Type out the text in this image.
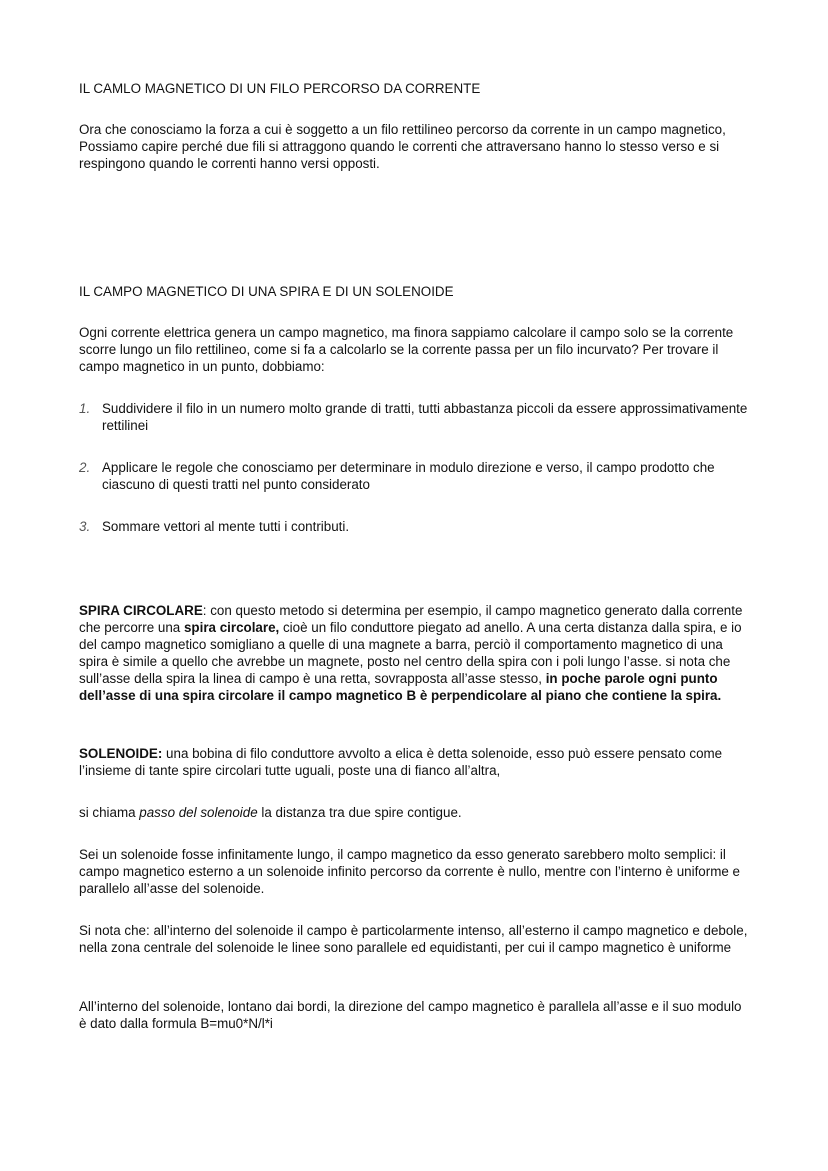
IL CAMLO MAGNETICO DI UN FILO PERCORSO DA CORRENTE

Ora che conosciamo la forza a cui è soggetto a un filo rettilineo percorso da corrente in un campo magnetico, Possiamo capire perché due fili si attraggono quando le correnti che attraversano hanno lo stesso verso e si respingono quando le correnti hanno versi opposti.

IL CAMPO MAGNETICO DI UNA SPIRA E DI UN SOLENOIDE

Ogni corrente elettrica genera un campo magnetico, ma finora sappiamo calcolare il campo solo se la corrente scorre lungo un filo rettilineo, come si fa a calcolarlo se la corrente passa per un filo incurvato? Per trovare il campo magnetico in un punto, dobbiamo:

1. Suddividere il filo in un numero molto grande di tratti, tutti abbastanza piccoli da essere approssimativamente rettilinei
2. Applicare le regole che conosciamo per determinare in modulo direzione e verso, il campo prodotto che ciascuno di questi tratti nel punto considerato
3. Sommare vettori al mente tutti i contributi.

SPIRA CIRCOLARE: con questo metodo si determina per esempio, il campo magnetico generato dalla corrente che percorre una spira circolare, cioè un filo conduttore piegato ad anello. A una certa distanza dalla spira, e io del campo magnetico somigliano a quelle di una magnete a barra, perciò il comportamento magnetico di una spira è simile a quello che avrebbe un magnete, posto nel centro della spira con i poli lungo l’asse. si nota che sull’asse della spira la linea di campo è una retta, sovrapposta all’asse stesso, in poche parole ogni punto dell’asse di una spira circolare il campo magnetico B è perpendicolare al piano che contiene la spira.

SOLENOIDE: una bobina di filo conduttore avvolto a elica è detta solenoide, esso può essere pensato come l’insieme di tante spire circolari tutte uguali, poste una di fianco all’altra,

si chiama passo del solenoide la distanza tra due spire contigue.

Sei un solenoide fosse infinitamente lungo, il campo magnetico da esso generato sarebbero molto semplici: il campo magnetico esterno a un solenoide infinito percorso da corrente è nullo, mentre con l’interno è uniforme e parallelo all’asse del solenoide.

Si nota che: all’interno del solenoide il campo è particolarmente intenso, all’esterno il campo magnetico e debole, nella zona centrale del solenoide le linee sono parallele ed equidistanti, per cui il campo magnetico è uniforme

All’interno del solenoide, lontano dai bordi, la direzione del campo magnetico è parallela all’asse e il suo modulo è dato dalla formula B=mu0*N/l*i
